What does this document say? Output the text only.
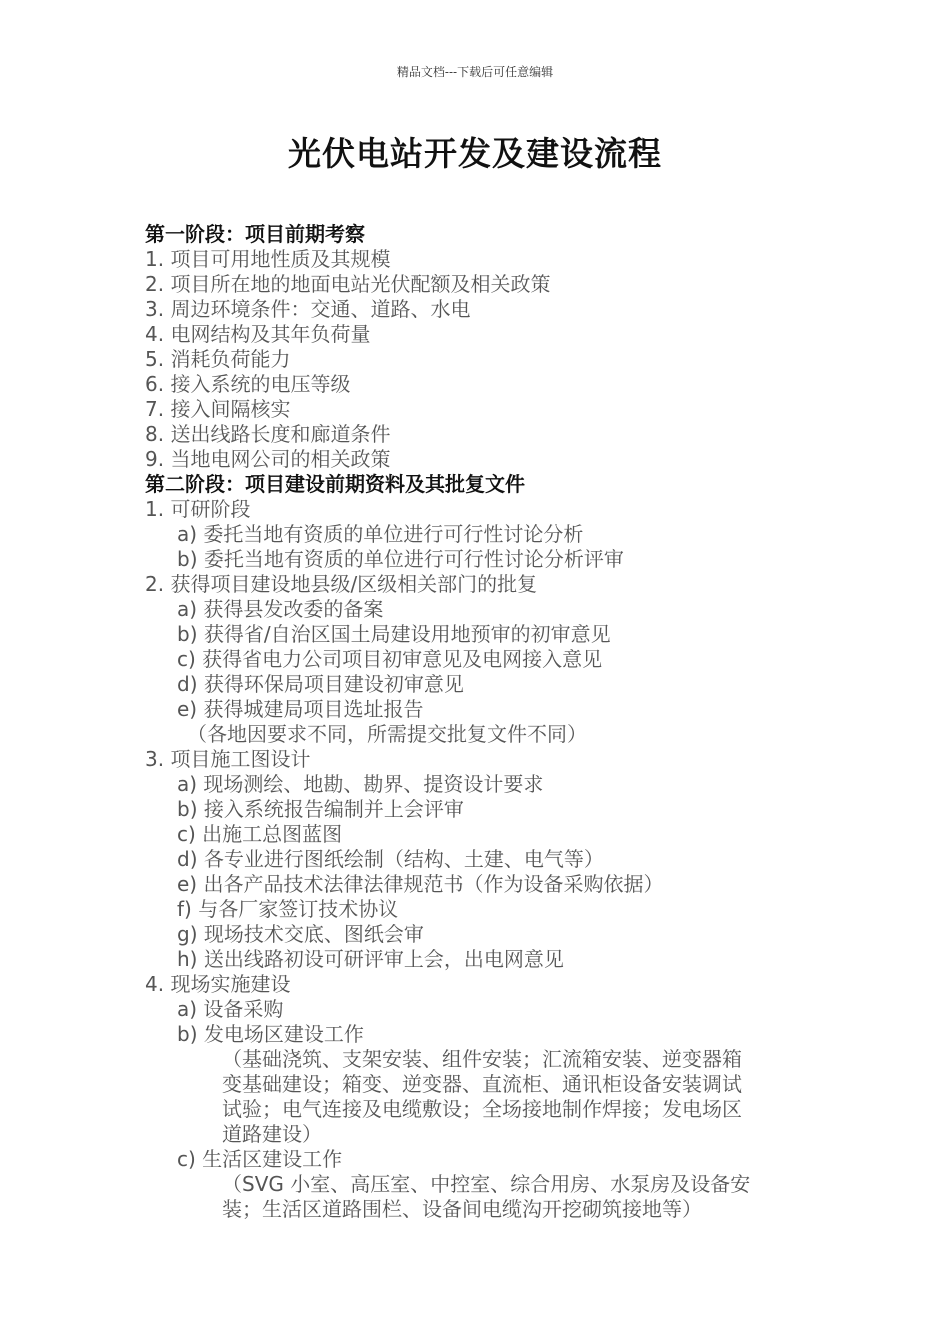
精品文档---下载后可任意编辑
光伏电站开发及建设流程
第一阶段：项目前期考察
1. 项目可用地性质及其规模
2. 项目所在地的地面电站光伏配额及相关政策
3. 周边环境条件：交通、道路、水电
4. 电网结构及其年负荷量
5. 消耗负荷能力
6. 接入系统的电压等级
7. 接入间隔核实
8. 送出线路长度和廊道条件
9. 当地电网公司的相关政策
第二阶段：项目建设前期资料及其批复文件
1. 可研阶段
a) 委托当地有资质的单位进行可行性讨论分析
b) 委托当地有资质的单位进行可行性讨论分析评审
2. 获得项目建设地县级/区级相关部门的批复
a) 获得县发改委的备案
b) 获得省/自治区国土局建设用地预审的初审意见
c) 获得省电力公司项目初审意见及电网接入意见
d) 获得环保局项目建设初审意见
e) 获得城建局项目选址报告
（各地因要求不同，所需提交批复文件不同）
3. 项目施工图设计
a) 现场测绘、地勘、勘界、提资设计要求
b) 接入系统报告编制并上会评审
c) 出施工总图蓝图
d) 各专业进行图纸绘制（结构、土建、电气等）
e) 出各产品技术法律法律规范书（作为设备采购依据）
f) 与各厂家签订技术协议
g) 现场技术交底、图纸会审
h) 送出线路初设可研评审上会，出电网意见
4. 现场实施建设
a) 设备采购
b) 发电场区建设工作
（基础浇筑、支架安装、组件安装；汇流箱安装、逆变器箱
变基础建设；箱变、逆变器、直流柜、通讯柜设备安装调试
试验；电气连接及电缆敷设；全场接地制作焊接；发电场区
道路建设）
c) 生活区建设工作
（SVG 小室、高压室、中控室、综合用房、水泵房及设备安
装；生活区道路围栏、设备间电缆沟开挖砌筑接地等）
